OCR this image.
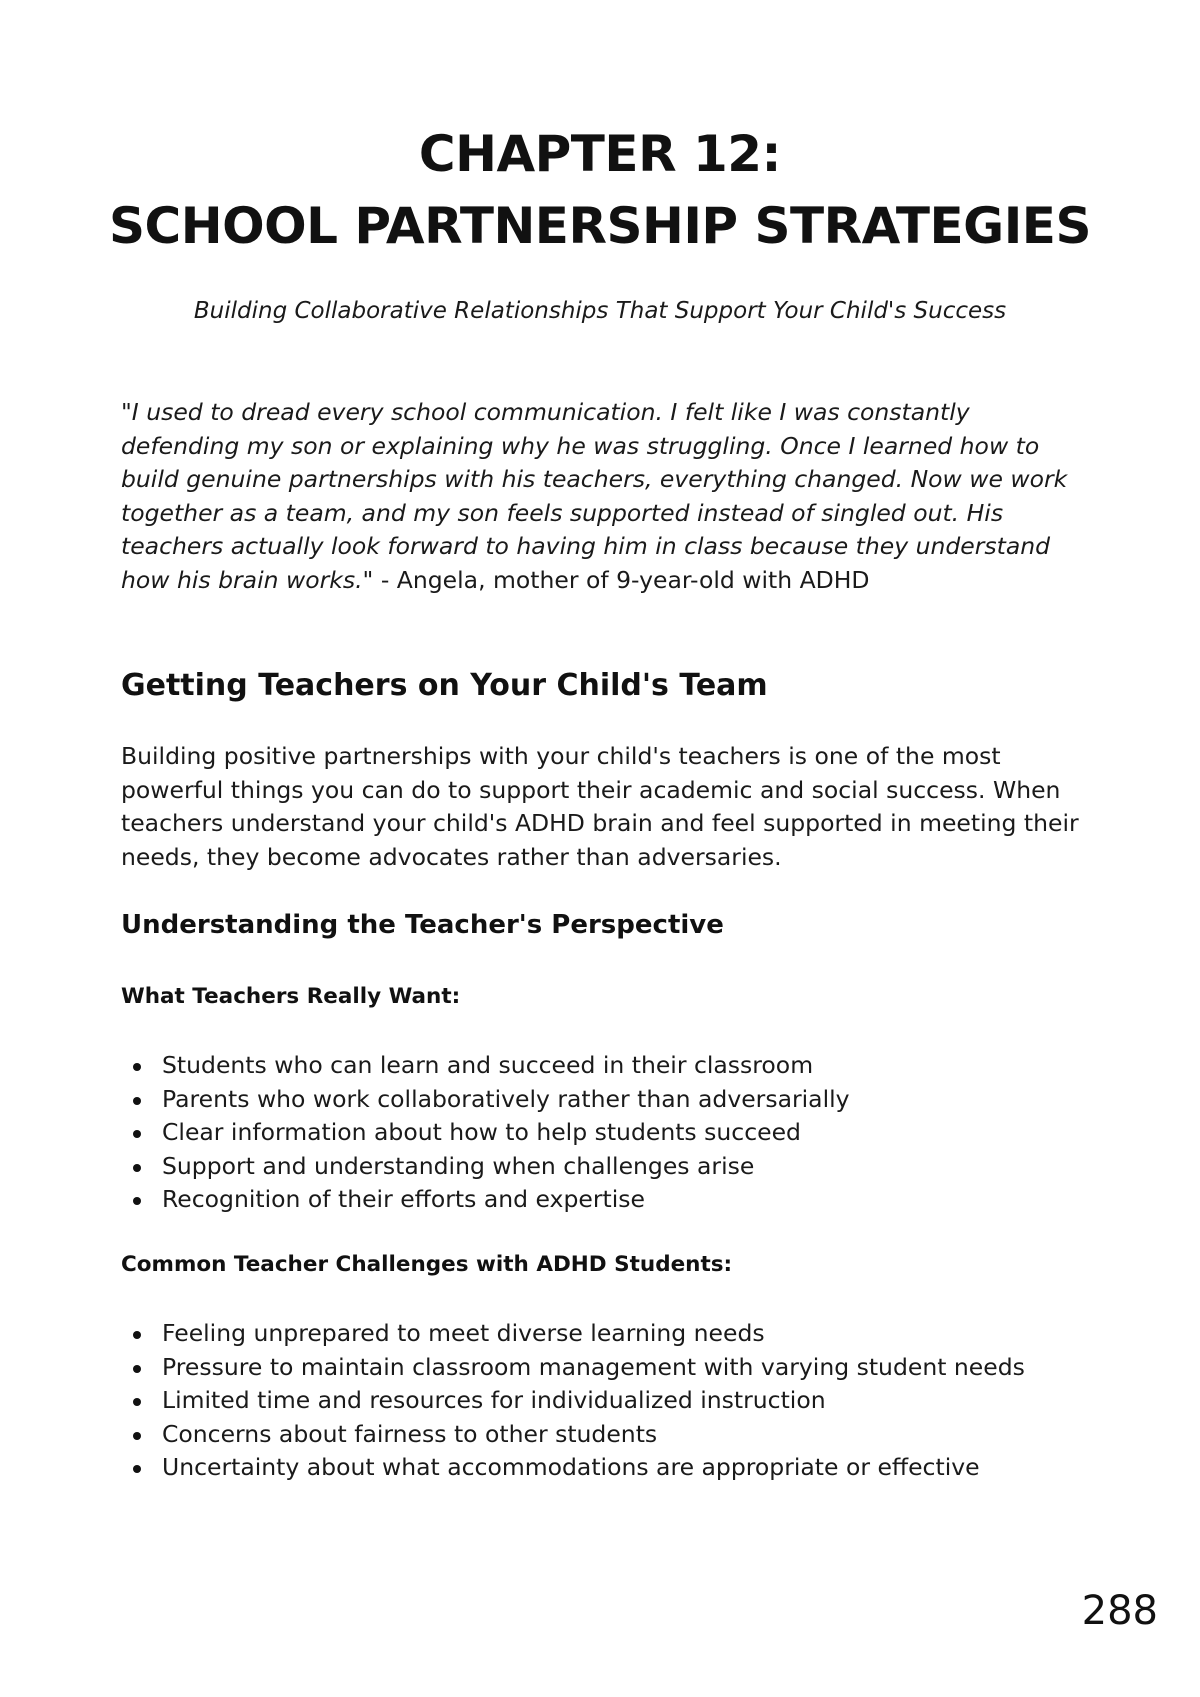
CHAPTER 12:
SCHOOL PARTNERSHIP STRATEGIES

Building Collaborative Relationships That Support Your Child's Success

"I used to dread every school communication. I felt like I was constantly defending my son or explaining why he was struggling. Once I learned how to build genuine partnerships with his teachers, everything changed. Now we work together as a team, and my son feels supported instead of singled out. His teachers actually look forward to having him in class because they understand how his brain works." - Angela, mother of 9-year-old with ADHD

Getting Teachers on Your Child's Team

Building positive partnerships with your child's teachers is one of the most powerful things you can do to support their academic and social success. When teachers understand your child's ADHD brain and feel supported in meeting their needs, they become advocates rather than adversaries.

Understanding the Teacher's Perspective
What Teachers Really Want:
Students who can learn and succeed in their classroom
Parents who work collaboratively rather than adversarially
Clear information about how to help students succeed
Support and understanding when challenges arise
Recognition of their efforts and expertise
Common Teacher Challenges with ADHD Students:
Feeling unprepared to meet diverse learning needs
Pressure to maintain classroom management with varying student needs
Limited time and resources for individualized instruction
Concerns about fairness to other students
Uncertainty about what accommodations are appropriate or effective
288
